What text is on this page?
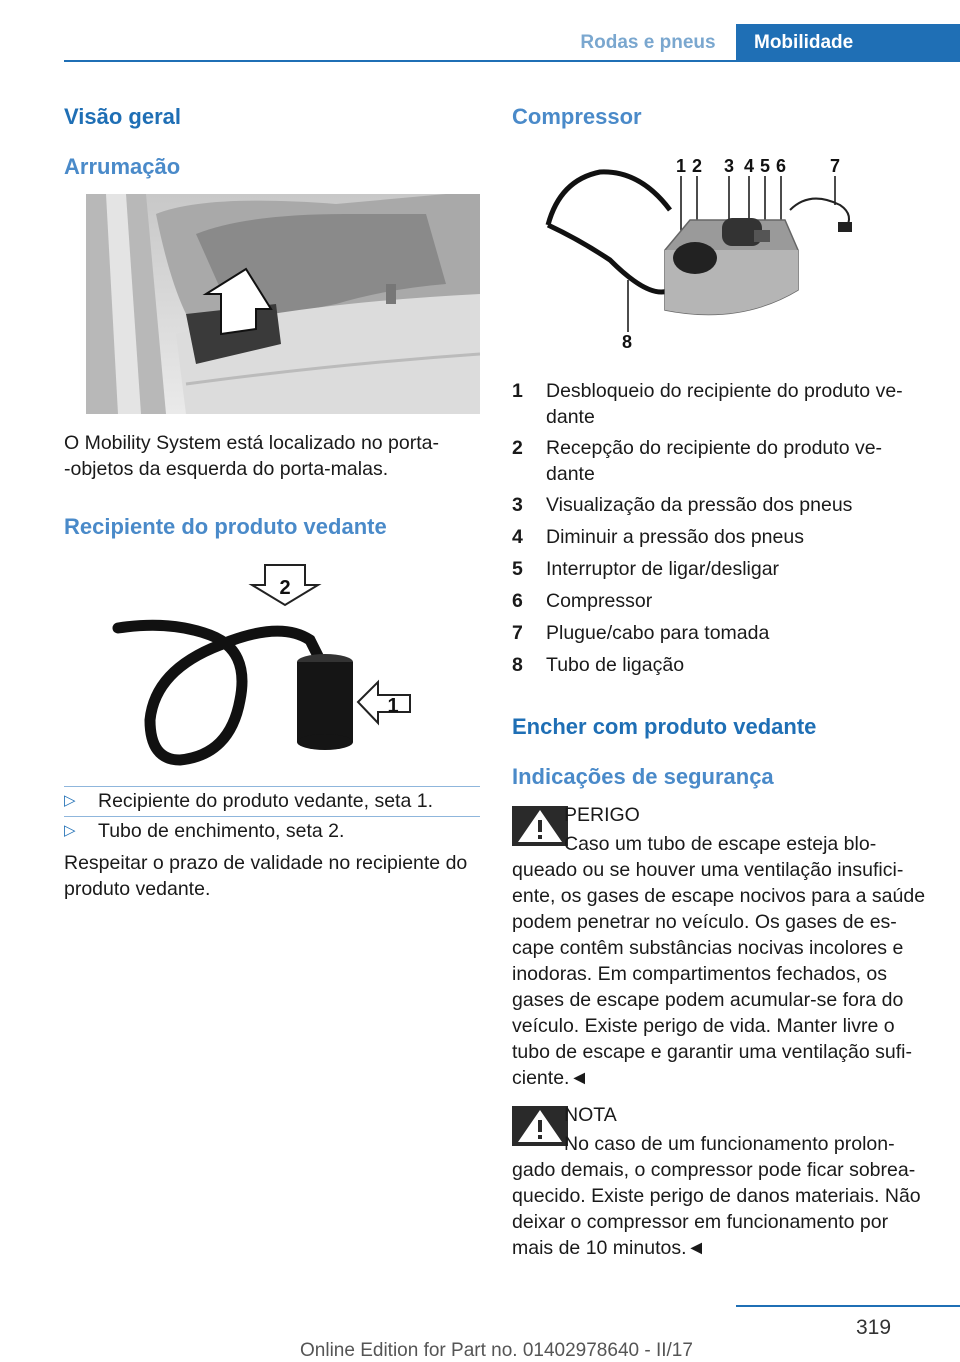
Rodas e pneus	Mobilidade
Visão geral
Arrumação
O Mobility System está localizado no porta-
-objetos da esquerda do porta-malas.
Recipiente do produto vedante
2
1
▷ Recipiente do produto vedante, seta 1.
▷ Tubo de enchimento, seta 2.
Respeitar o prazo de validade no recipiente do
produto vedante.
Compressor
1 2 3 4 5 6 7
8
1 Desbloqueio do recipiente do produto ve-
dante
2 Recepção do recipiente do produto ve-
dante
3 Visualização da pressão dos pneus
4 Diminuir a pressão dos pneus
5 Interruptor de ligar/desligar
6 Compressor
7 Plugue/cabo para tomada
8 Tubo de ligação
Encher com produto vedante
Indicações de segurança
PERIGO
Caso um tubo de escape esteja blo-
queado ou se houver uma ventilação insufici-
ente, os gases de escape nocivos para a saúde
podem penetrar no veículo. Os gases de es-
cape contêm substâncias nocivas incolores e
inodoras. Em compartimentos fechados, os
gases de escape podem acumular-se fora do
veículo. Existe perigo de vida. Manter livre o
tubo de escape e garantir uma ventilação sufi-
ciente.◄
NOTA
No caso de um funcionamento prolon-
gado demais, o compressor pode ficar sobrea-
quecido. Existe perigo de danos materiais. Não
deixar o compressor em funcionamento por
mais de 10 minutos.◄
319
Online Edition for Part no. 01402978640 - II/17
